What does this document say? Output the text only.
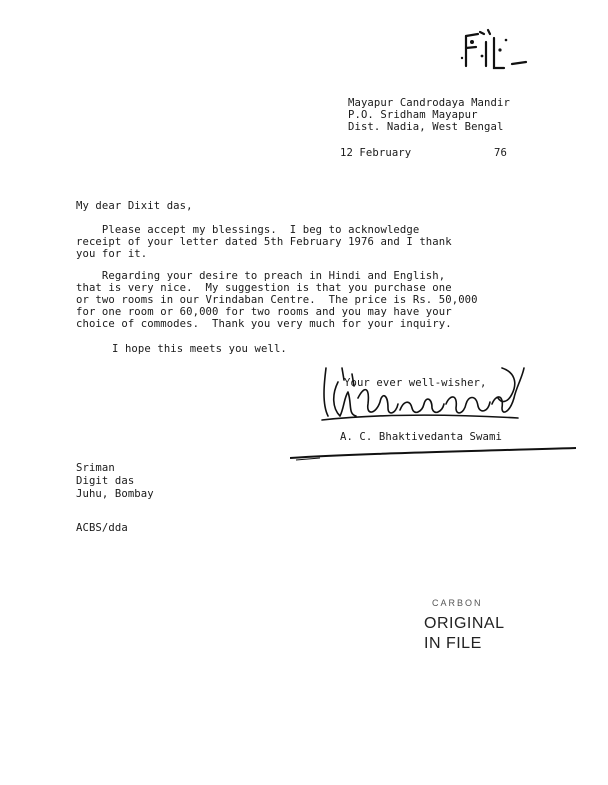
Mayapur Candrodaya Mandir
P.O. Sridham Mayapur
Dist. Nadia, West Bengal
12 February	76
My dear Dixit das,
Please accept my blessings.  I beg to acknowledge
receipt of your letter dated 5th February 1976 and I thank
you for it.
Regarding your desire to preach in Hindi and English,
that is very nice.  My suggestion is that you purchase one
or two rooms in our Vrindaban Centre.  The price is Rs. 50,000
for one room or 60,000 for two rooms and you may have your
choice of commodes.  Thank you very much for your inquiry.
I hope this meets you well.
Your ever well-wisher,
A. C. Bhaktivedanta Swami
Sriman
Digit das
Juhu, Bombay
ACBS/dda
CARBON
ORIGINAL
IN FILE
